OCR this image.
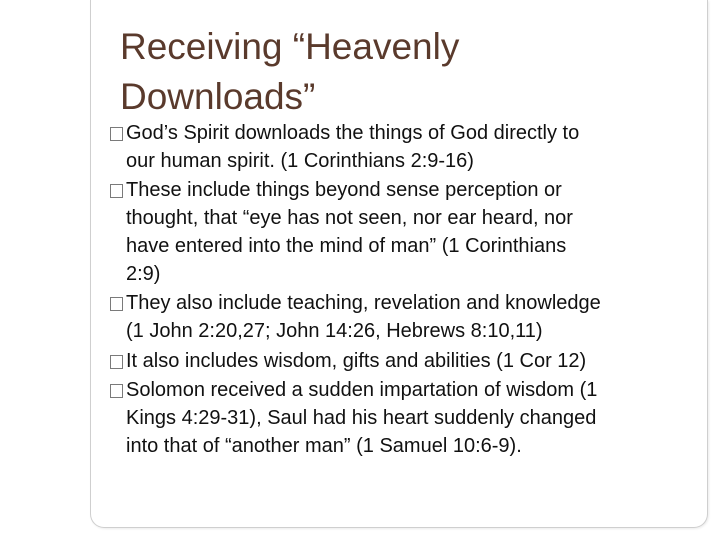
Receiving “Heavenly
Downloads”
God’s Spirit downloads the things of God directly to
our human spirit. (1 Corinthians 2:9-16)
These include things beyond sense perception or
thought, that “eye has not seen, nor ear heard, nor
have entered into the mind of man” (1 Corinthians
2:9)
They also include teaching, revelation and knowledge
(1 John 2:20,27; John 14:26, Hebrews 8:10,11)
It also includes wisdom, gifts and abilities (1 Cor 12)
Solomon received a sudden impartation of wisdom (1
Kings 4:29-31), Saul had his heart suddenly changed
into that of “another man” (1 Samuel 10:6-9).
